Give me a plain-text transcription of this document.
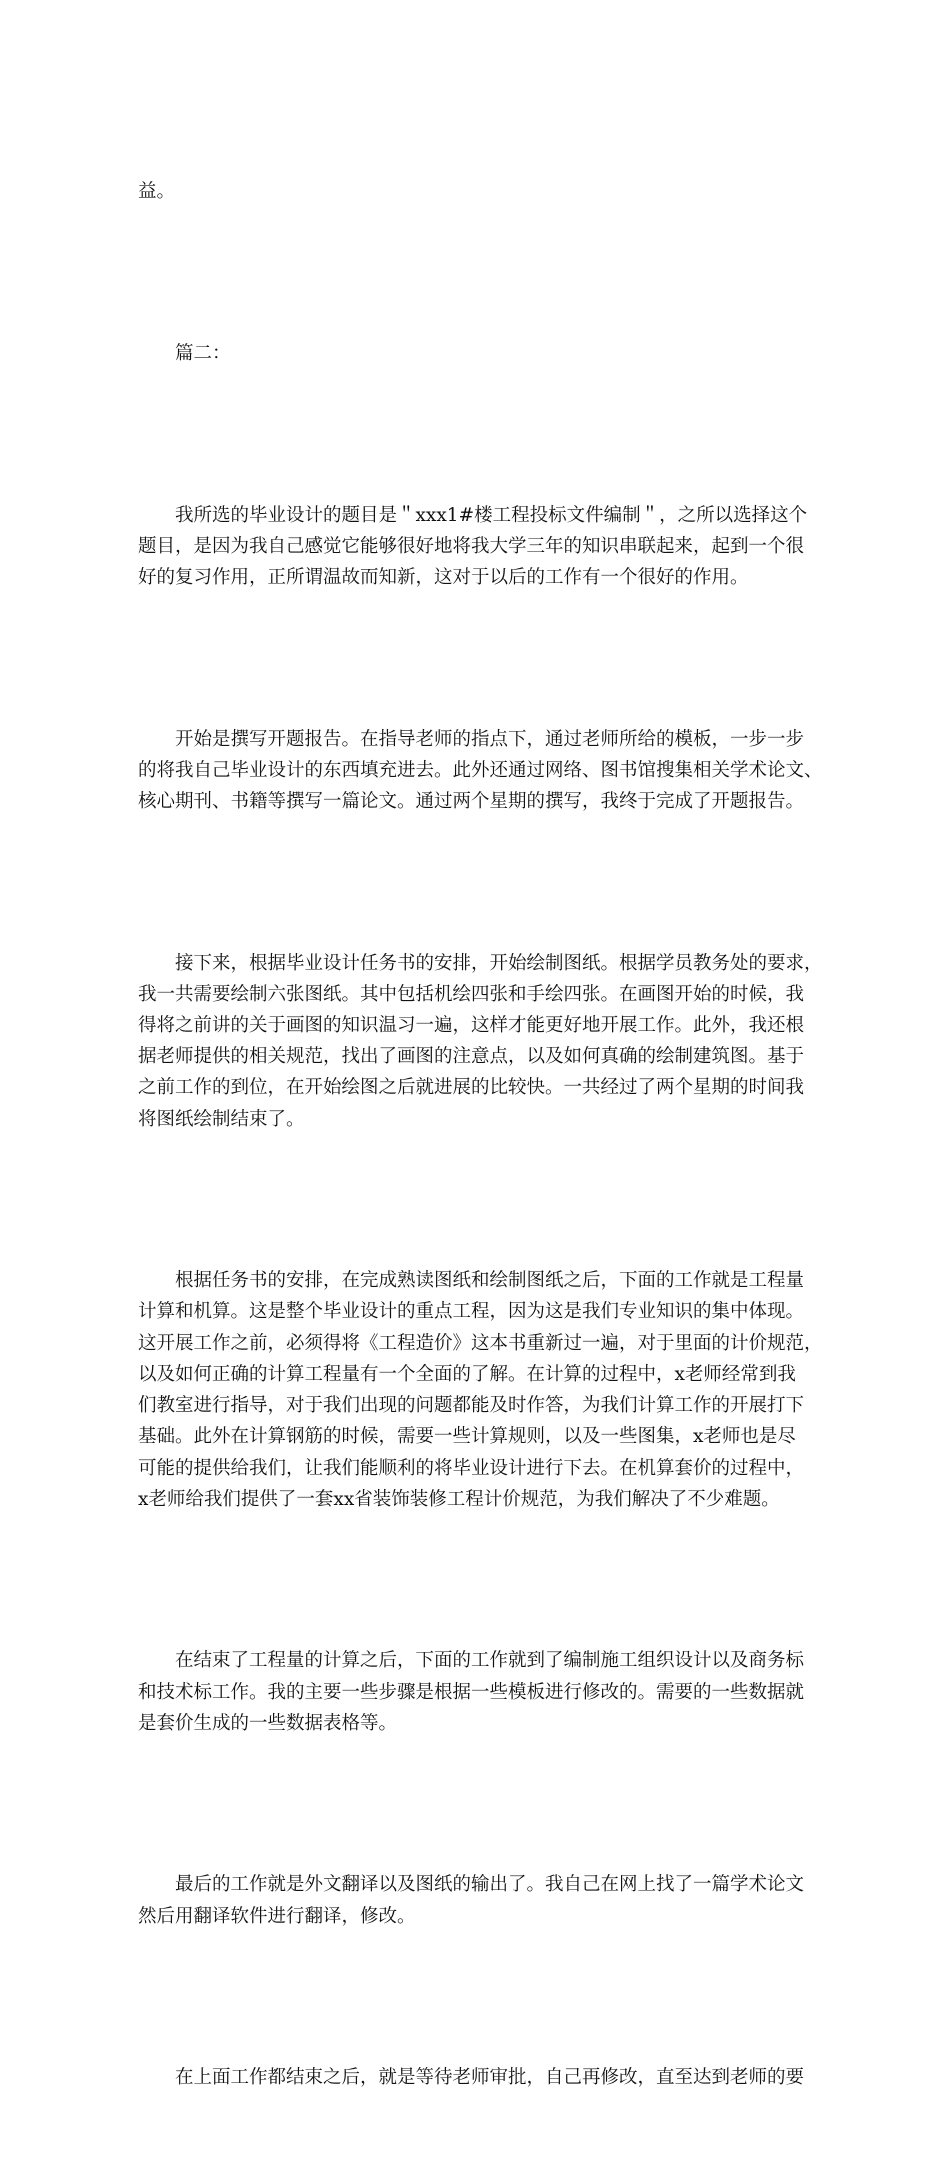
益。

篇二：

我所选的毕业设计的题目是＂xxx1#楼工程投标文件编制＂，之所以选择这个
题目，是因为我自己感觉它能够很好地将我大学三年的知识串联起来，起到一个很
好的复习作用，正所谓温故而知新，这对于以后的工作有一个很好的作用。

开始是撰写开题报告。在指导老师的指点下，通过老师所给的模板，一步一步
的将我自己毕业设计的东西填充进去。此外还通过网络、图书馆搜集相关学术论文、
核心期刊、书籍等撰写一篇论文。通过两个星期的撰写，我终于完成了开题报告。

接下来，根据毕业设计任务书的安排，开始绘制图纸。根据学员教务处的要求，
我一共需要绘制六张图纸。其中包括机绘四张和手绘四张。在画图开始的时候，我
得将之前讲的关于画图的知识温习一遍，这样才能更好地开展工作。此外，我还根
据老师提供的相关规范，找出了画图的注意点，以及如何真确的绘制建筑图。基于
之前工作的到位，在开始绘图之后就进展的比较快。一共经过了两个星期的时间我
将图纸绘制结束了。

根据任务书的安排，在完成熟读图纸和绘制图纸之后，下面的工作就是工程量
计算和机算。这是整个毕业设计的重点工程，因为这是我们专业知识的集中体现。
这开展工作之前，必须得将《工程造价》这本书重新过一遍，对于里面的计价规范，
以及如何正确的计算工程量有一个全面的了解。在计算的过程中，x老师经常到我
们教室进行指导，对于我们出现的问题都能及时作答，为我们计算工作的开展打下
基础。此外在计算钢筋的时候，需要一些计算规则，以及一些图集，x老师也是尽
可能的提供给我们，让我们能顺利的将毕业设计进行下去。在机算套价的过程中，
x老师给我们提供了一套xx省装饰装修工程计价规范，为我们解决了不少难题。

在结束了工程量的计算之后，下面的工作就到了编制施工组织设计以及商务标
和技术标工作。我的主要一些步骤是根据一些模板进行修改的。需要的一些数据就
是套价生成的一些数据表格等。

最后的工作就是外文翻译以及图纸的输出了。我自己在网上找了一篇学术论文
然后用翻译软件进行翻译，修改。

在上面工作都结束之后，就是等待老师审批，自己再修改，直至达到老师的要
